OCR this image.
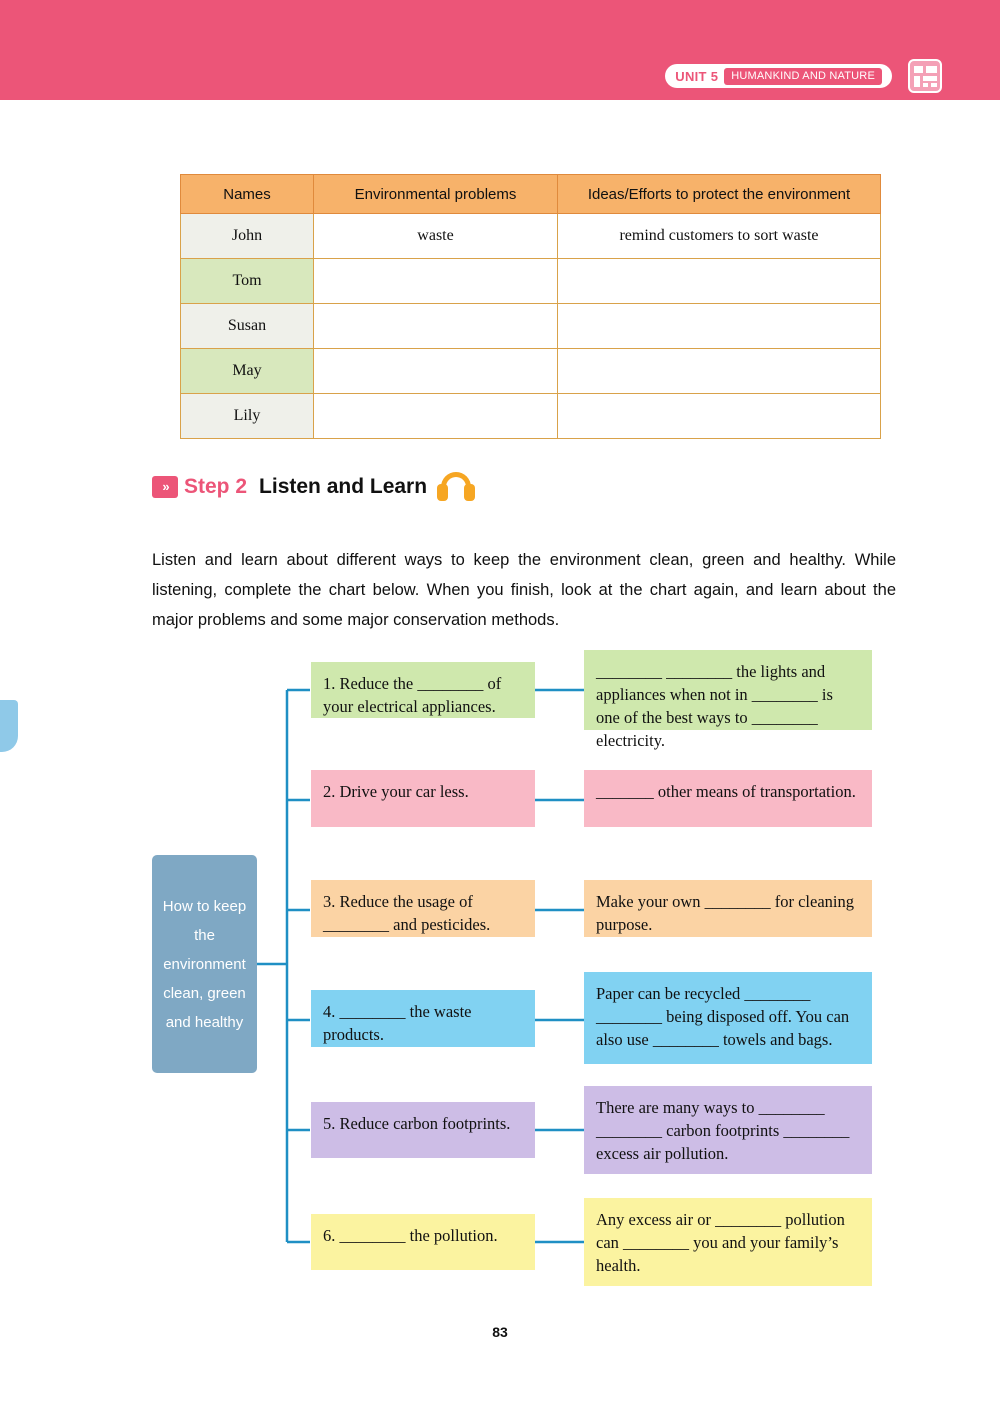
UNIT 5	HUMANKIND AND NATURE
Names	Environmental problems	Ideas/Efforts to protect the environment
John	waste	remind customers to sort waste
Tom		
Susan		
May		
Lily		
» Step 2 Listen and Learn

Listen and learn about different ways to keep the environment clean, green and healthy. While listening, complete the chart below. When you finish, look at the chart again, and learn about the major problems and some major conservation methods.

How to keep the environment clean, green and healthy
1. Reduce the ________ of your electrical appliances.
________ ________ the lights and appliances when not in ________ is one of the best ways to ________ electricity.
2. Drive your car less.	_______ other means of transportation.
3. Reduce the usage of ________ and pesticides.
Make your own ________ for cleaning purpose.
4. ________ the waste products.
Paper can be recycled ________ ________ being disposed off. You can also use ________ towels and bags.
5. Reduce carbon footprints.
There are many ways to ________ ________ carbon footprints ________ excess air pollution.
6. ________ the pollution.
Any excess air or ________ pollution can ________ you and your family’s health.
83
